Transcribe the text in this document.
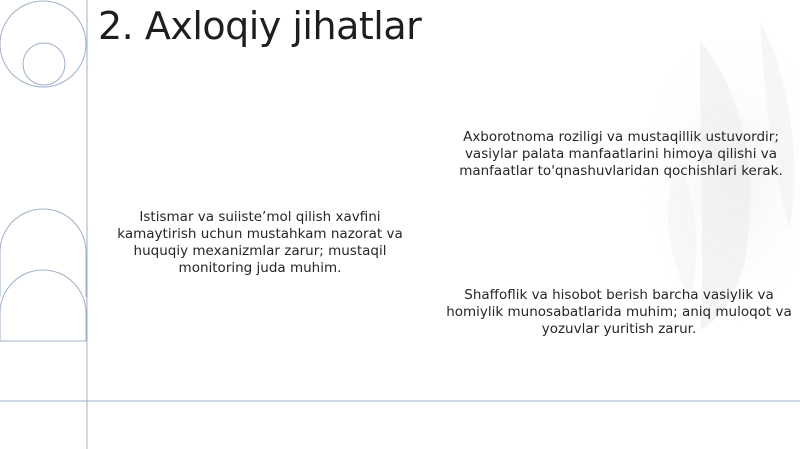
2. Axloqiy jihatlar

Axborotnoma roziligi va mustaqillik ustuvordir; vasiylar palata manfaatlarini himoya qilishi va manfaatlar to'qnashuvlaridan qochishlari kerak.

Istismar va suiiste’mol qilish xavfini kamaytirish uchun mustahkam nazorat va huquqiy mexanizmlar zarur; mustaqil monitoring juda muhim.

Shaffoflik va hisobot berish barcha vasiylik va homiylik munosabatlarida muhim; aniq muloqot va yozuvlar yuritish zarur.
